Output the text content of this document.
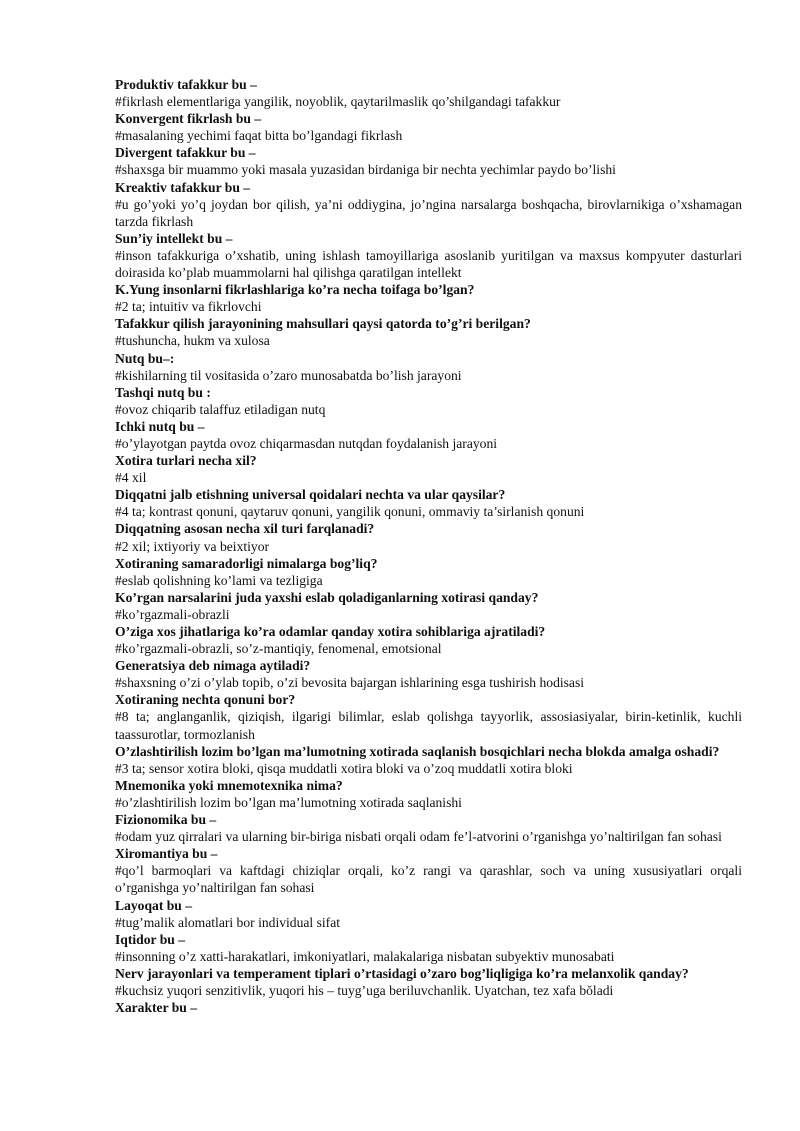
Produktiv tafakkur bu –

#fikrlash elementlariga yangilik, noyoblik, qaytarilmaslik qo’shilgandagi tafakkur

Konvergent fikrlash bu –

#masalaning yechimi faqat bitta bo’lgandagi fikrlash

Divergent tafakkur bu –

#shaxsga bir muammo yoki masala yuzasidan birdaniga bir nechta yechimlar paydo bo’lishi

Kreaktiv tafakkur bu –

#u go’yoki yo’q joydan bor qilish, ya’ni oddiygina, jo’ngina narsalarga boshqacha, birovlarnikiga o’xshamagan tarzda fikrlash

Sun’iy intellekt bu –

#inson tafakkuriga o’xshatib, uning ishlash tamoyillariga asoslanib yuritilgan va maxsus kompyuter dasturlari doirasida ko’plab muammolarni hal qilishga qaratilgan intellekt

K.Yung insonlarni fikrlashlariga ko’ra necha toifaga bo’lgan?

#2 ta; intuitiv va fikrlovchi

Tafakkur qilish jarayonining mahsullari qaysi qatorda to’g’ri berilgan?

#tushuncha, hukm va xulosa

Nutq bu–:

#kishilarning til vositasida o’zaro munosabatda bo’lish jarayoni

Tashqi nutq bu :

#ovoz chiqarib talaffuz etiladigan nutq

Ichki nutq bu –

#o’ylayotgan paytda ovoz chiqarmasdan nutqdan foydalanish jarayoni

Xotira turlari necha xil?

#4 xil

Diqqatni jalb etishning universal qoidalari nechta va ular qaysilar?

#4 ta; kontrast qonuni, qaytaruv qonuni, yangilik qonuni, ommaviy ta’sirlanish qonuni

Diqqatning asosan necha xil turi farqlanadi?

#2 xil; ixtiyoriy va beixtiyor

Xotiraning samaradorligi nimalarga bog’liq?

#eslab qolishning ko’lami va tezligiga

Ko’rgan narsalarini juda yaxshi eslab qoladiganlarning xotirasi qanday?

#ko’rgazmali-obrazli

O’ziga xos jihatlariga ko’ra odamlar qanday xotira sohiblariga ajratiladi?

#ko’rgazmali-obrazli, so’z-mantiqiy, fenomenal, emotsional

Generatsiya deb nimaga aytiladi?

#shaxsning o’zi o’ylab topib, o’zi bevosita bajargan ishlarining esga tushirish hodisasi

Xotiraning nechta qonuni bor?

#8 ta; anglanganlik, qiziqish, ilgarigi bilimlar, eslab qolishga tayyorlik, assosiasiyalar, birin-ketinlik, kuchli taassurotlar, tormozlanish

O’zlashtirilish lozim bo’lgan ma’lumotning xotirada saqlanish bosqichlari necha blokda amalga oshadi?

#3 ta; sensor xotira bloki, qisqa muddatli xotira bloki va o’zoq muddatli xotira bloki

Mnemonika yoki mnemotexnika nima?

#o’zlashtirilish lozim bo’lgan ma’lumotning xotirada saqlanishi

Fizionomika bu –

#odam yuz qirralari va ularning bir-biriga nisbati orqali odam fe’l-atvorini o’rganishga yo’naltirilgan fan sohasi

Xiromantiya bu –

#qo’l barmoqlari va kaftdagi chiziqlar orqali, ko’z rangi va qarashlar, soch va uning xususiyatlari orqali o’rganishga yo’naltirilgan fan sohasi

Layoqat bu –

#tug’malik alomatlari bor individual sifat

Iqtidor bu –

#insonning o’z xatti-harakatlari, imkoniyatlari, malakalariga nisbatan subyektiv munosabati

Nerv jarayonlari va temperament tiplari o’rtasidagi o’zaro bog’liqligiga ko’ra melanxolik qanday?

#kuchsiz yuqori senzitivlik, yuqori his – tuyg’uga beriluvchanlik. Uyatchan, tez xafa bŏladi

Xarakter bu –
